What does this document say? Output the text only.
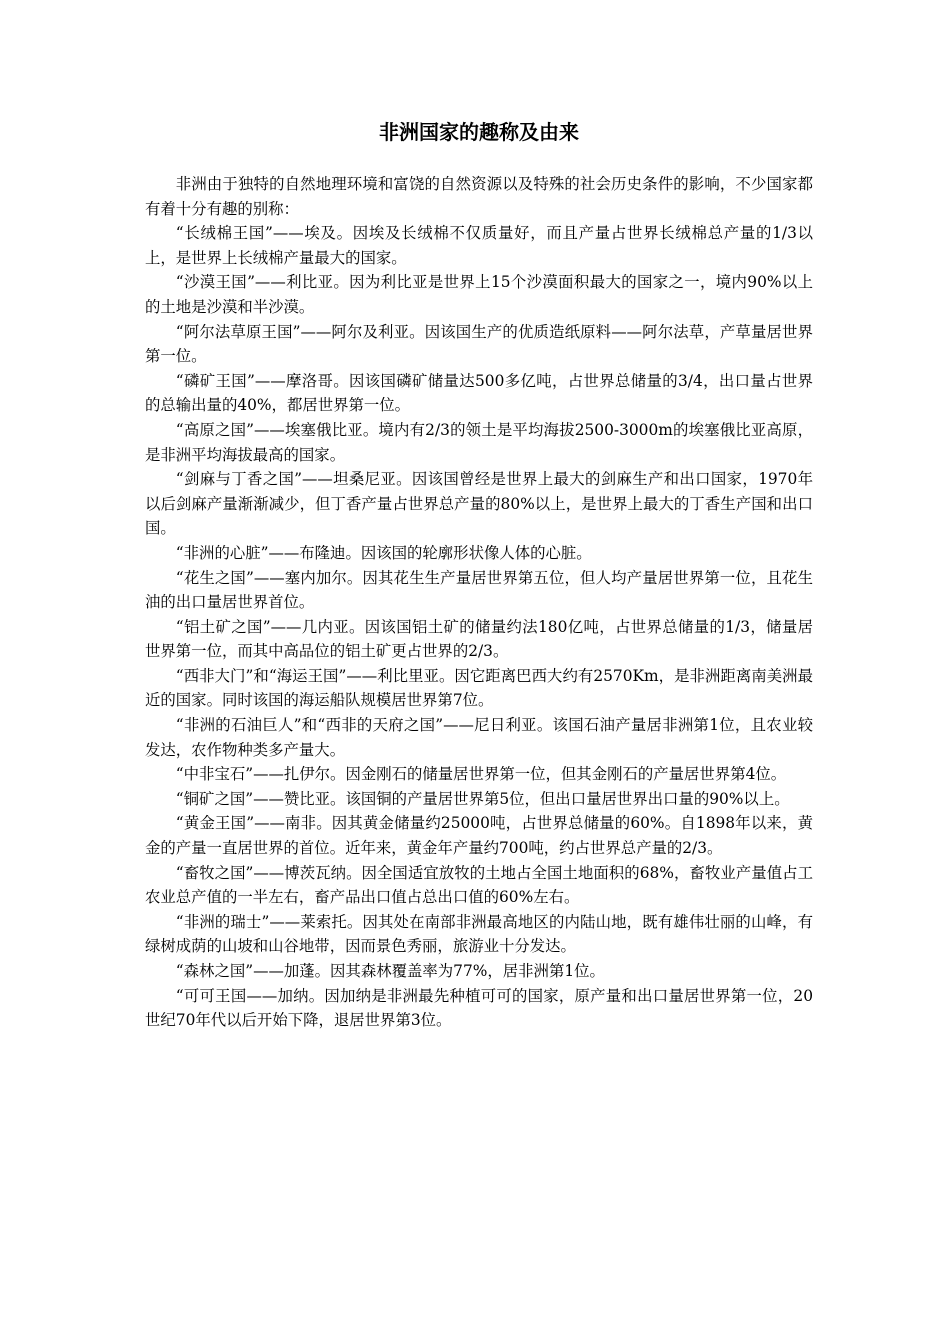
非洲国家的趣称及由来

非洲由于独特的自然地理环境和富饶的自然资源以及特殊的社会历史条件的影响，不少国家都有着十分有趣的别称：

“长绒棉王国”——埃及。因埃及长绒棉不仅质量好，而且产量占世界长绒棉总产量的1/3以上，是世界上长绒棉产量最大的国家。

“沙漠王国”——利比亚。因为利比亚是世界上15个沙漠面积最大的国家之一，境内90%以上的土地是沙漠和半沙漠。

“阿尔法草原王国”——阿尔及利亚。因该国生产的优质造纸原料——阿尔法草，产草量居世界第一位。

“磷矿王国”——摩洛哥。因该国磷矿储量达500多亿吨，占世界总储量的3/4，出口量占世界的总输出量的40%，都居世界第一位。

“高原之国”——埃塞俄比亚。境内有2/3的领土是平均海拔2500-3000m的埃塞俄比亚高原，是非洲平均海拔最高的国家。

“剑麻与丁香之国”——坦桑尼亚。因该国曾经是世界上最大的剑麻生产和出口国家，1970年以后剑麻产量渐渐减少，但丁香产量占世界总产量的80%以上，是世界上最大的丁香生产国和出口国。

“非洲的心脏”——布隆迪。因该国的轮廓形状像人体的心脏。

“花生之国”——塞内加尔。因其花生生产量居世界第五位，但人均产量居世界第一位，且花生油的出口量居世界首位。

“铝土矿之国”——几内亚。因该国铝土矿的储量约法180亿吨，占世界总储量的1/3，储量居世界第一位，而其中高品位的铝土矿更占世界的2/3。

“西非大门”和“海运王国”——利比里亚。因它距离巴西大约有2570Km，是非洲距离南美洲最近的国家。同时该国的海运船队规模居世界第7位。

“非洲的石油巨人”和“西非的天府之国”——尼日利亚。该国石油产量居非洲第1位，且农业较发达，农作物种类多产量大。

“中非宝石”——扎伊尔。因金刚石的储量居世界第一位，但其金刚石的产量居世界第4位。

“铜矿之国”——赞比亚。该国铜的产量居世界第5位，但出口量居世界出口量的90%以上。

“黄金王国”——南非。因其黄金储量约25000吨，占世界总储量的60%。自1898年以来，黄金的产量一直居世界的首位。近年来，黄金年产量约700吨，约占世界总产量的2/3。

“畜牧之国”——博茨瓦纳。因全国适宜放牧的土地占全国土地面积的68%，畜牧业产量值占工农业总产值的一半左右，畜产品出口值占总出口值的60%左右。

“非洲的瑞士”——莱索托。因其处在南部非洲最高地区的内陆山地，既有雄伟壮丽的山峰，有绿树成荫的山坡和山谷地带，因而景色秀丽，旅游业十分发达。

“森林之国”——加蓬。因其森林覆盖率为77%，居非洲第1位。

“可可王国——加纳。因加纳是非洲最先种植可可的国家，原产量和出口量居世界第一位，20世纪70年代以后开始下降，退居世界第3位。
